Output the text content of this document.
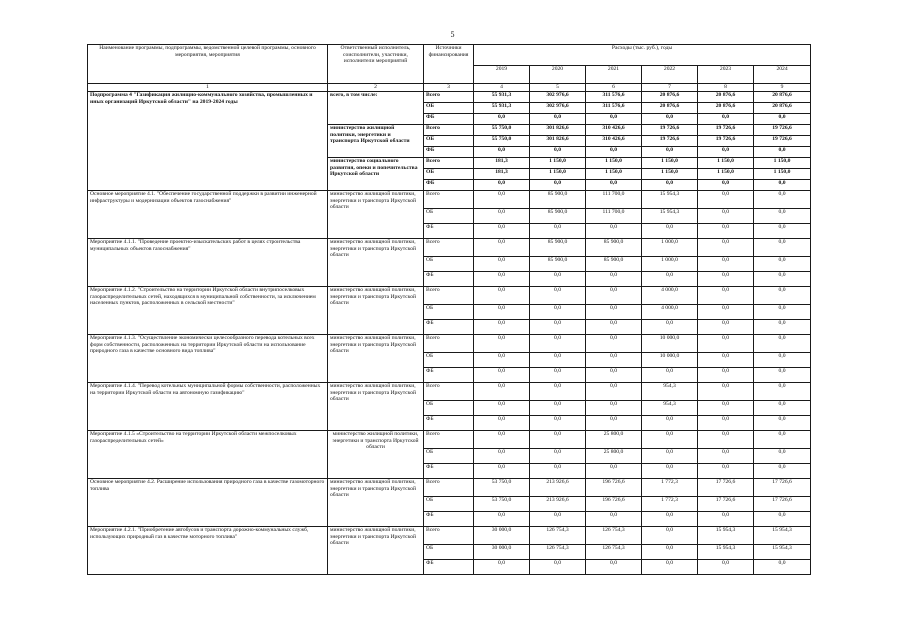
5
Наименование программы, подпрограммы, ведомственной целевой программы, основного мероприятия, мероприятия	Ответственный исполнитель, соисполнители, участники, исполнители мероприятий	Источники финансирования	Расходы (тыс. руб.), годы					
			2019	2020	2021	2022	2023	2024
1	2	3	4	5	6	7	8	9
Подпрограмма 4 "Газификация жилищно-коммунального хозяйства, промышленных и иных организаций Иркутской области" на 2019-2024 годы	всего, в том числе:	Всего	55 931,3	302 976,6	311 576,6	20 876,6	20 876,6	20 876,6
		ОБ	55 931,3	302 976,6	311 576,6	20 876,6	20 876,6	20 876,6
		ФБ	0,0	0,0	0,0	0,0	0,0	0,0
	министерство жилищной политики, энергетики и транспорта Иркутской области	Всего	55 750,0	301 826,6	310 426,6	19 726,6	19 726,6	19 726,6
		ОБ	55 750,0	301 826,6	310 426,6	19 726,6	19 726,6	19 726,6
		ФБ	0,0	0,0	0,0	0,0	0,0	0,0
	министерство социального развития, опеки и попечительства Иркутской области	Всего	181,3	1 150,0	1 150,0	1 150,0	1 150,0	1 150,0
		ОБ	181,3	1 150,0	1 150,0	1 150,0	1 150,0	1 150,0
		ФБ	0,0	0,0	0,0	0,0	0,0	0,0
Основное мероприятие 4.1. "Обеспечение государственной поддержки в развитии инженерной инфраструктуры и модернизации объектов газоснабжения"	министерство жилищной политики, энергетики и транспорта Иркутской области	Всего	0,0	85 900,0	111 700,0	15 954,3	0,0	0,0
		ОБ	0,0	85 900,0	111 700,0	15 954,3	0,0	0,0
		ФБ	0,0	0,0	0,0	0,0	0,0	0,0
Мероприятие 4.1.1. "Проведение проектно-изыскательских работ в целях строительства муниципальных объектов газоснабжения"	министерство жилищной политики, энергетики и транспорта Иркутской области	Всего	0,0	85 900,0	85 900,0	1 000,0	0,0	0,0
		ОБ	0,0	85 900,0	85 900,0	1 000,0	0,0	0,0
		ФБ	0,0	0,0	0,0	0,0	0,0	0,0
Мероприятие 4.1.2. "Строительство на территории Иркутской области внутрипоселковых газораспределительных сетей, находящихся в муниципальной собственности, за исключением населенных пунктов, расположенных в сельской местности"	министерство жилищной политики, энергетики и транспорта Иркутской области	Всего	0,0	0,0	0,0	4 000,0	0,0	0,0
		ОБ	0,0	0,0	0,0	4 000,0	0,0	0,0
		ФБ	0,0	0,0	0,0	0,0	0,0	0,0
Мероприятие 4.1.3. "Осуществление экономически целесообразного перевода котельных всех форм собственности, расположенных на территории Иркутской области на использование природного газа в качестве основного вида топлива"	министерство жилищной политики, энергетики и транспорта Иркутской области	Всего	0,0	0,0	0,0	10 000,0	0,0	0,0
		ОБ	0,0	0,0	0,0	10 000,0	0,0	0,0
		ФБ	0,0	0,0	0,0	0,0	0,0	0,0
Мероприятие 4.1.4. "Перевод котельных муниципальной формы собственности, расположенных на территории Иркутской области на автономную газификацию"	министерство жилищной политики, энергетики и транспорта Иркутской области	Всего	0,0	0,0	0,0	954,3	0,0	0,0
		ОБ	0,0	0,0	0,0	954,3	0,0	0,0
		ФБ	0,0	0,0	0,0	0,0	0,0	0,0
Мероприятие 4.1.5 «Строительство на территории Иркутской области межпоселковых газораспределительных сетей»	министерство жилищной политики, энергетики и транспорта Иркутской области	Всего	0,0	0,0	25 800,0	0,0	0,0	0,0
		ОБ	0,0	0,0	25 800,0	0,0	0,0	0,0
		ФБ	0,0	0,0	0,0	0,0	0,0	0,0
Основное мероприятие 4.2. Расширение использования природного газа в качестве газомоторного топлива	министерство жилищной политики, энергетики и транспорта Иркутской области	Всего	53 750,0	213 926,6	196 726,6	1 772,3	17 726,6	17 726,6
		ОБ	53 750,0	213 926,6	196 726,6	1 772,3	17 726,6	17 726,6
		ФБ	0,0	0,0	0,0	0,0	0,0	0,0
Мероприятие 4.2.1. "Приобретение автобусов и транспорта дорожно-коммунальных служб, использующих природный газ в качестве моторного топлива"	министерство жилищной политики, энергетики и транспорта Иркутской области	Всего	30 000,0	126 754,3	126 754,3	0,0	15 954,3	15 954,3
		ОБ	30 000,0	126 754,3	126 754,3	0,0	15 954,3	15 954,3
		ФБ	0,0	0,0	0,0	0,0	0,0	0,0
